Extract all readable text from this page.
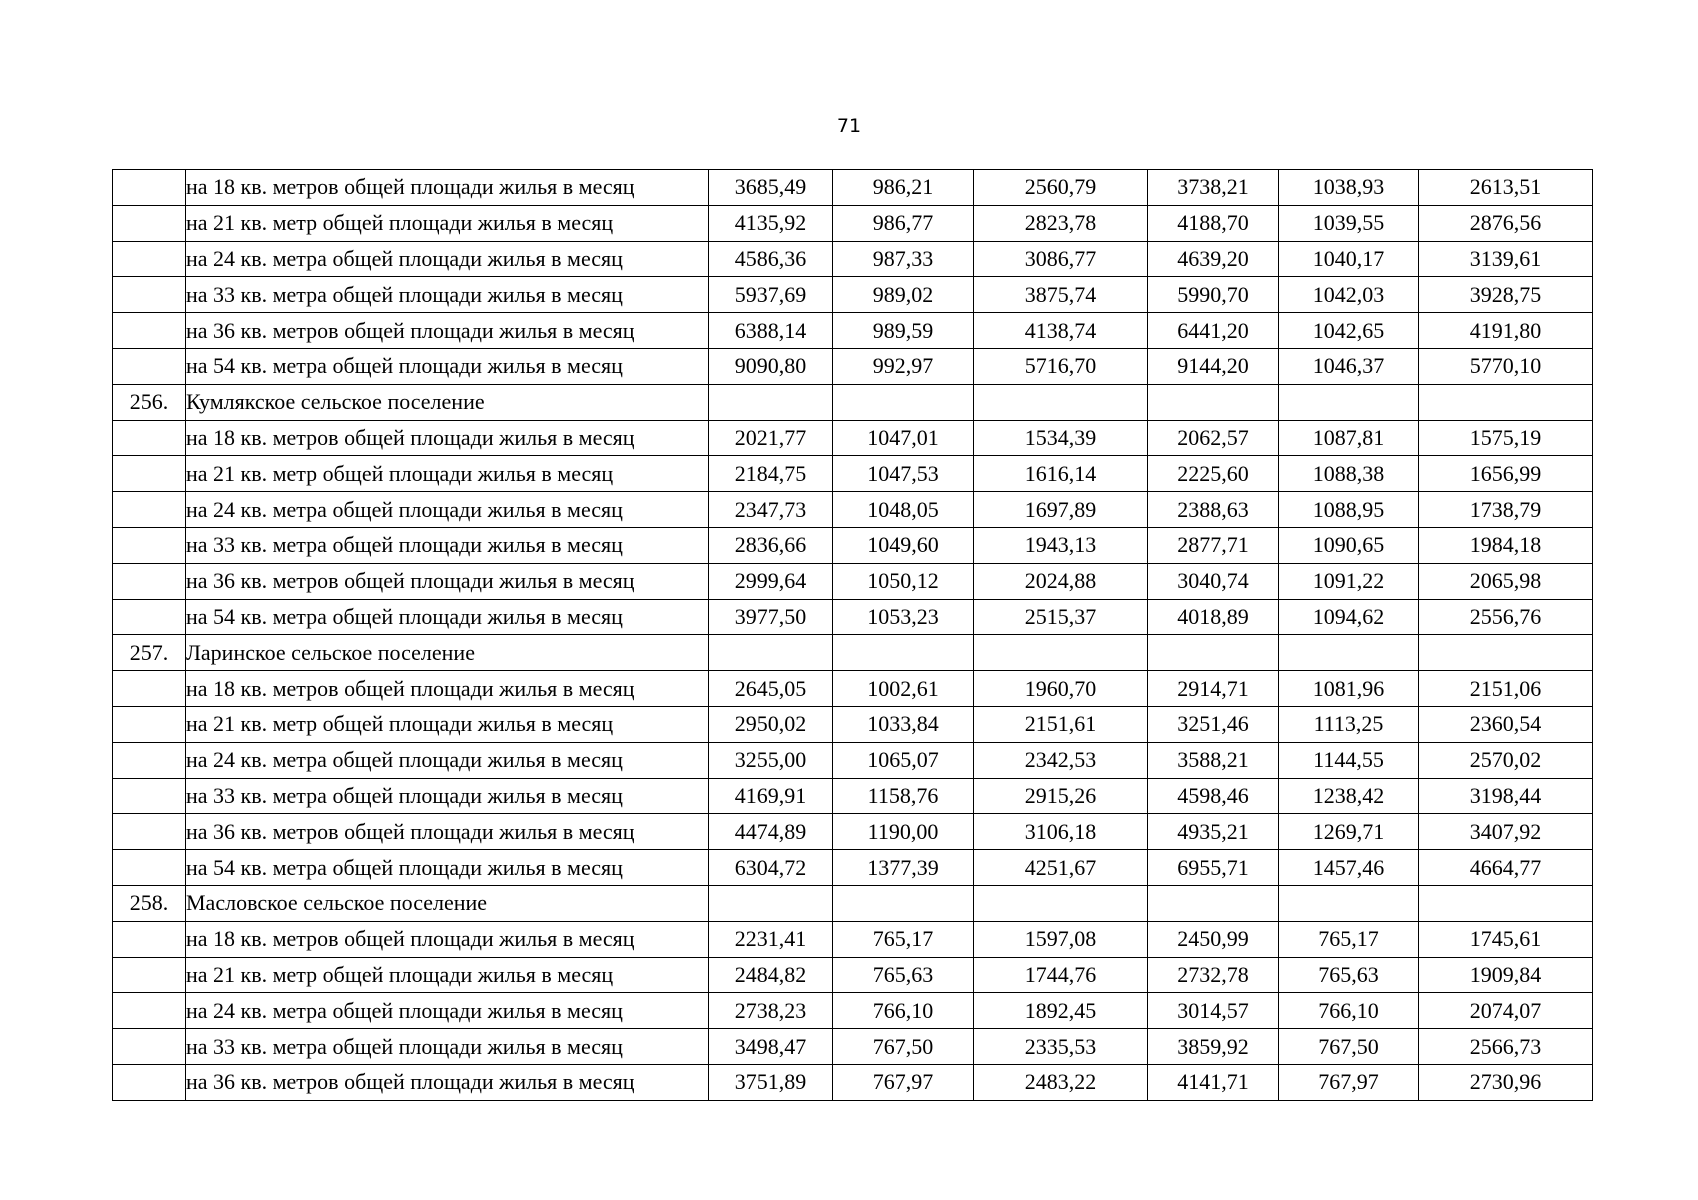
71
	на 18 кв. метров общей площади жилья в месяц	3685,49	986,21	2560,79	3738,21	1038,93	2613,51
	на 21 кв. метр общей площади жилья в месяц	4135,92	986,77	2823,78	4188,70	1039,55	2876,56
	на 24 кв. метра общей площади жилья в месяц	4586,36	987,33	3086,77	4639,20	1040,17	3139,61
	на 33 кв. метра общей площади жилья в месяц	5937,69	989,02	3875,74	5990,70	1042,03	3928,75
	на 36 кв. метров общей площади жилья в месяц	6388,14	989,59	4138,74	6441,20	1042,65	4191,80
	на 54 кв. метра общей площади жилья в месяц	9090,80	992,97	5716,70	9144,20	1046,37	5770,10
256.	Кумлякское сельское поселение						
	на 18 кв. метров общей площади жилья в месяц	2021,77	1047,01	1534,39	2062,57	1087,81	1575,19
	на 21 кв. метр общей площади жилья в месяц	2184,75	1047,53	1616,14	2225,60	1088,38	1656,99
	на 24 кв. метра общей площади жилья в месяц	2347,73	1048,05	1697,89	2388,63	1088,95	1738,79
	на 33 кв. метра общей площади жилья в месяц	2836,66	1049,60	1943,13	2877,71	1090,65	1984,18
	на 36 кв. метров общей площади жилья в месяц	2999,64	1050,12	2024,88	3040,74	1091,22	2065,98
	на 54 кв. метра общей площади жилья в месяц	3977,50	1053,23	2515,37	4018,89	1094,62	2556,76
257.	Ларинское сельское поселение						
	на 18 кв. метров общей площади жилья в месяц	2645,05	1002,61	1960,70	2914,71	1081,96	2151,06
	на 21 кв. метр общей площади жилья в месяц	2950,02	1033,84	2151,61	3251,46	1113,25	2360,54
	на 24 кв. метра общей площади жилья в месяц	3255,00	1065,07	2342,53	3588,21	1144,55	2570,02
	на 33 кв. метра общей площади жилья в месяц	4169,91	1158,76	2915,26	4598,46	1238,42	3198,44
	на 36 кв. метров общей площади жилья в месяц	4474,89	1190,00	3106,18	4935,21	1269,71	3407,92
	на 54 кв. метра общей площади жилья в месяц	6304,72	1377,39	4251,67	6955,71	1457,46	4664,77
258.	Масловское сельское поселение						
	на 18 кв. метров общей площади жилья в месяц	2231,41	765,17	1597,08	2450,99	765,17	1745,61
	на 21 кв. метр общей площади жилья в месяц	2484,82	765,63	1744,76	2732,78	765,63	1909,84
	на 24 кв. метра общей площади жилья в месяц	2738,23	766,10	1892,45	3014,57	766,10	2074,07
	на 33 кв. метра общей площади жилья в месяц	3498,47	767,50	2335,53	3859,92	767,50	2566,73
	на 36 кв. метров общей площади жилья в месяц	3751,89	767,97	2483,22	4141,71	767,97	2730,96
